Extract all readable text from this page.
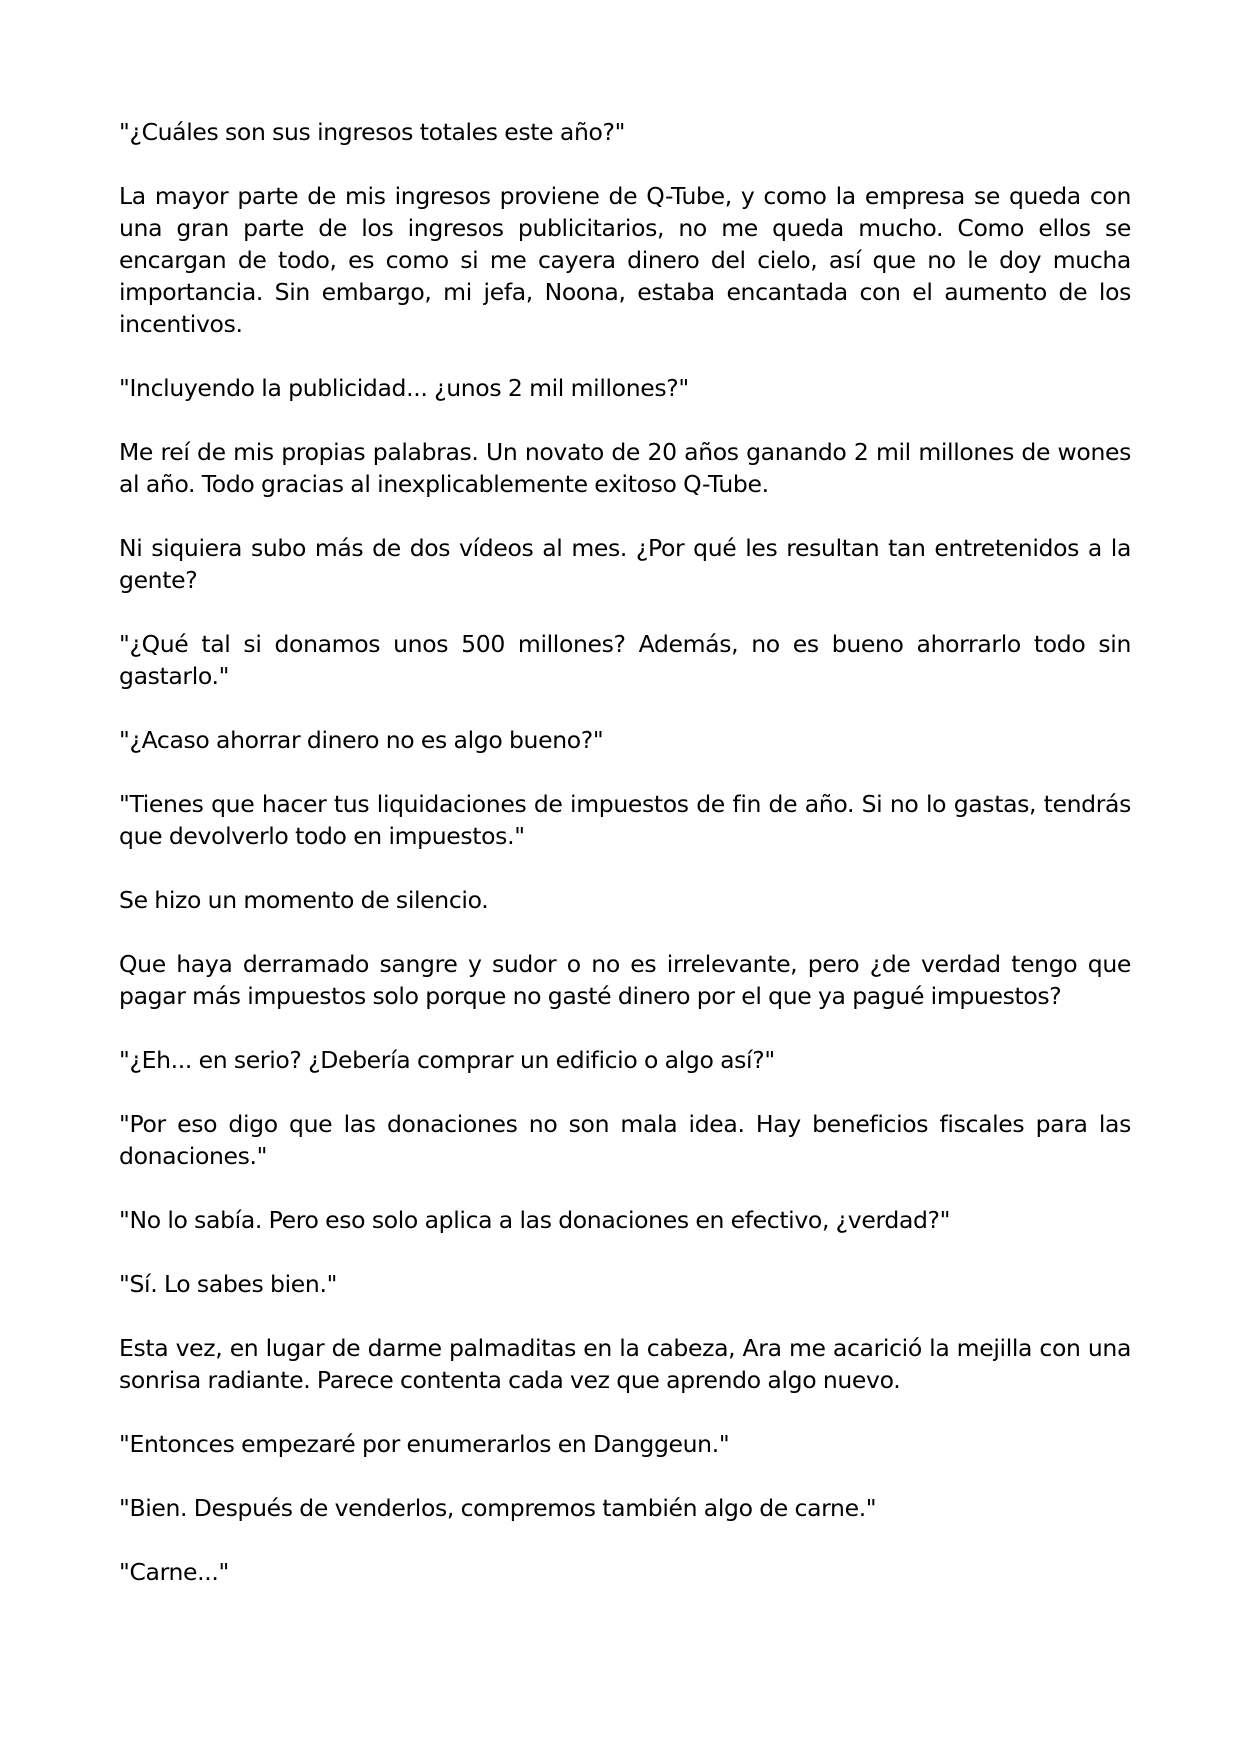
"¿Cuáles son sus ingresos totales este año?"

La mayor parte de mis ingresos proviene de Q-Tube, y como la empresa se queda con una gran parte de los ingresos publicitarios, no me queda mucho. Como ellos se encargan de todo, es como si me cayera dinero del cielo, así que no le doy mucha importancia. Sin embargo, mi jefa, Noona, estaba encantada con el aumento de los incentivos.

"Incluyendo la publicidad... ¿unos 2 mil millones?"

Me reí de mis propias palabras. Un novato de 20 años ganando 2 mil millones de wones al año. Todo gracias al inexplicablemente exitoso Q-Tube.

Ni siquiera subo más de dos vídeos al mes. ¿Por qué les resultan tan entretenidos a la gente?

"¿Qué tal si donamos unos 500 millones? Además, no es bueno ahorrarlo todo sin gastarlo."

"¿Acaso ahorrar dinero no es algo bueno?"

"Tienes que hacer tus liquidaciones de impuestos de fin de año. Si no lo gastas, tendrás que devolverlo todo en impuestos."

Se hizo un momento de silencio.

Que haya derramado sangre y sudor o no es irrelevante, pero ¿de verdad tengo que pagar más impuestos solo porque no gasté dinero por el que ya pagué impuestos?

"¿Eh... en serio? ¿Debería comprar un edificio o algo así?"

"Por eso digo que las donaciones no son mala idea. Hay beneficios fiscales para las donaciones."

"No lo sabía. Pero eso solo aplica a las donaciones en efectivo, ¿verdad?"

"Sí. Lo sabes bien."

Esta vez, en lugar de darme palmaditas en la cabeza, Ara me acarició la mejilla con una sonrisa radiante. Parece contenta cada vez que aprendo algo nuevo.

"Entonces empezaré por enumerarlos en Danggeun."

"Bien. Después de venderlos, compremos también algo de carne."

"Carne..."
